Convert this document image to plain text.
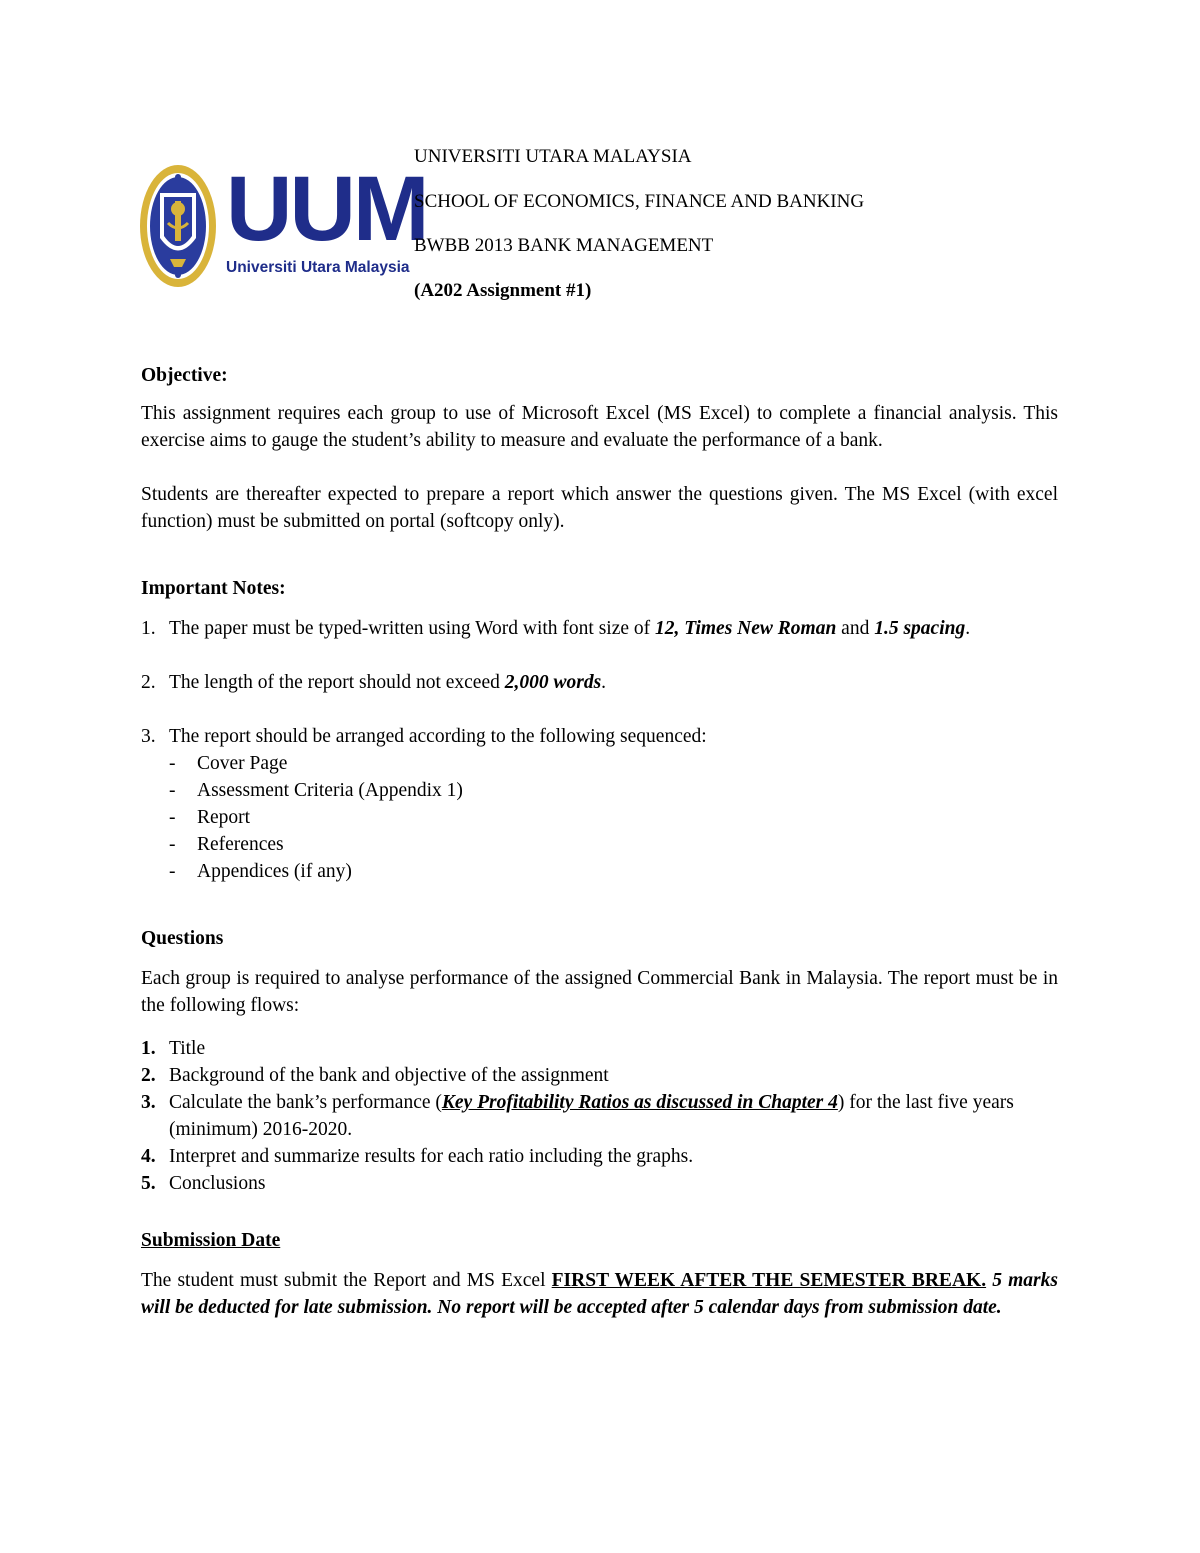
UUM
Universiti Utara Malaysia
UNIVERSITI UTARA MALAYSIA
SCHOOL OF ECONOMICS, FINANCE AND BANKING
BWBB 2013 BANK MANAGEMENT
(A202 Assignment #1)

Objective:

This assignment requires each group to use of Microsoft Excel (MS Excel) to complete a financial analysis. This exercise aims to gauge the student’s ability to measure and evaluate the performance of a bank.

Students are thereafter expected to prepare a report which answer the questions given. The MS Excel (with excel function) must be submitted on portal (softcopy only).

Important Notes:

1. The paper must be typed-written using Word with font size of 12, Times New Roman and 1.5 spacing.
2. The length of the report should not exceed 2,000 words.
3. The report should be arranged according to the following sequenced:
- Cover Page
- Assessment Criteria (Appendix 1)
- Report
- References
- Appendices (if any)

Questions

Each group is required to analyse performance of the assigned Commercial Bank in Malaysia. The report must be in the following flows:

1. Title
2. Background of the bank and objective of the assignment
3. Calculate the bank’s performance (Key Profitability Ratios as discussed in Chapter 4) for the last five years (minimum) 2016-2020.
4. Interpret and summarize results for each ratio including the graphs.
5. Conclusions

Submission Date

The student must submit the Report and MS Excel FIRST WEEK AFTER THE SEMESTER BREAK. 5 marks will be deducted for late submission. No report will be accepted after 5 calendar days from submission date.
